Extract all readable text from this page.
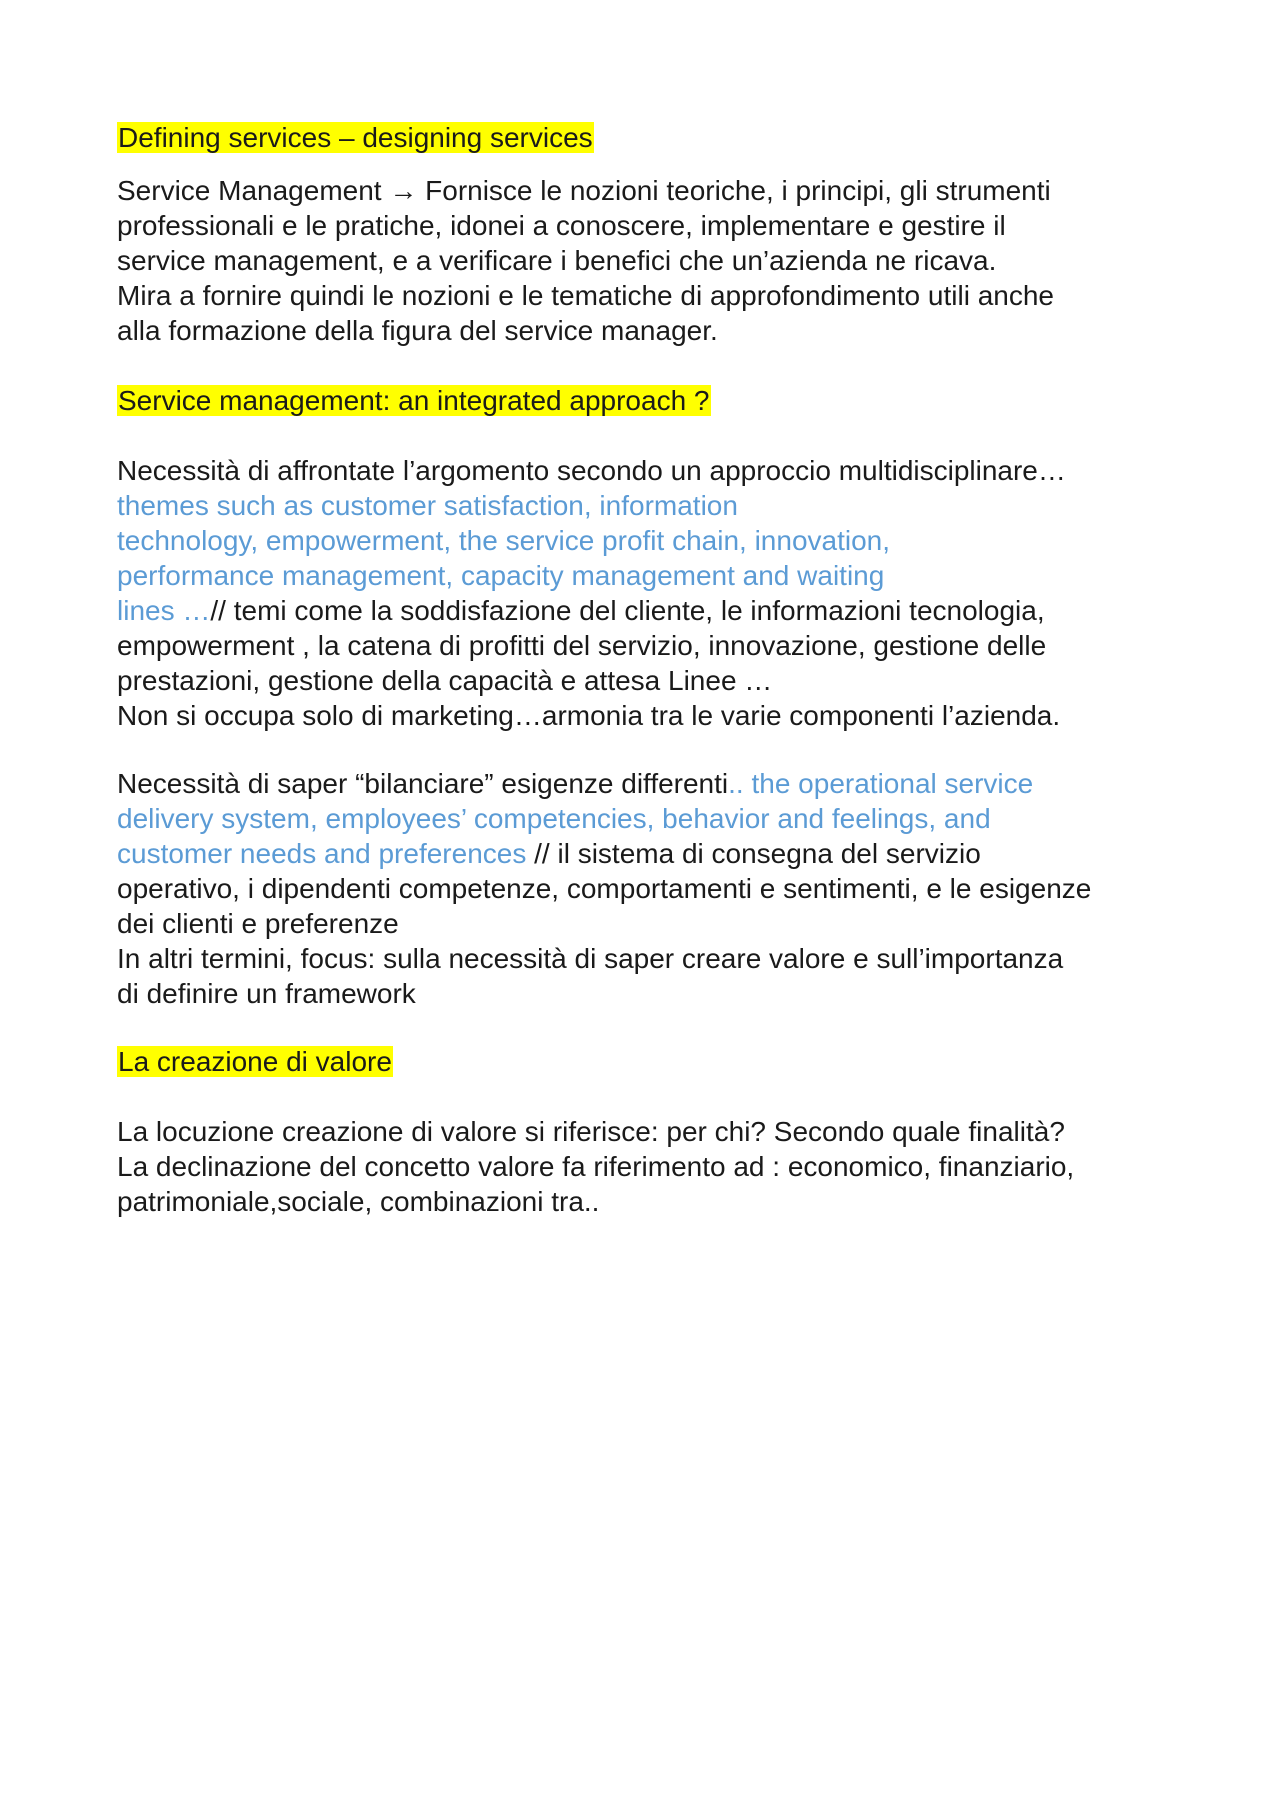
Defining services – designing services

Service Management → Fornisce le nozioni teoriche, i principi, gli strumenti

professionali e le pratiche, idonei a conoscere, implementare e gestire il

service management, e a verificare i benefici che un’azienda ne ricava.

Mira a fornire quindi le nozioni e le tematiche di approfondimento utili anche

alla formazione della figura del service manager.

Service management: an integrated approach ?

Necessità di affrontate l’argomento secondo un approccio multidisciplinare…

themes such as customer satisfaction, information

technology, empowerment, the service profit chain, innovation,

performance management, capacity management and waiting

lines …// temi come la soddisfazione del cliente, le informazioni tecnologia,

empowerment , la catena di profitti del servizio, innovazione, gestione delle

prestazioni, gestione della capacità e attesa Linee …

Non si occupa solo di marketing…armonia tra le varie componenti l’azienda.

Necessità di saper “bilanciare” esigenze differenti.. the operational service

delivery system, employees’ competencies, behavior and feelings, and

customer needs and preferences // il sistema di consegna del servizio

operativo, i dipendenti competenze, comportamenti e sentimenti, e le esigenze

dei clienti e preferenze

In altri termini, focus: sulla necessità di saper creare valore e sull’importanza

di definire un framework

La creazione di valore

La locuzione creazione di valore si riferisce: per chi? Secondo quale finalità?

La declinazione del concetto valore fa riferimento ad : economico, finanziario,

patrimoniale,sociale, combinazioni tra..
